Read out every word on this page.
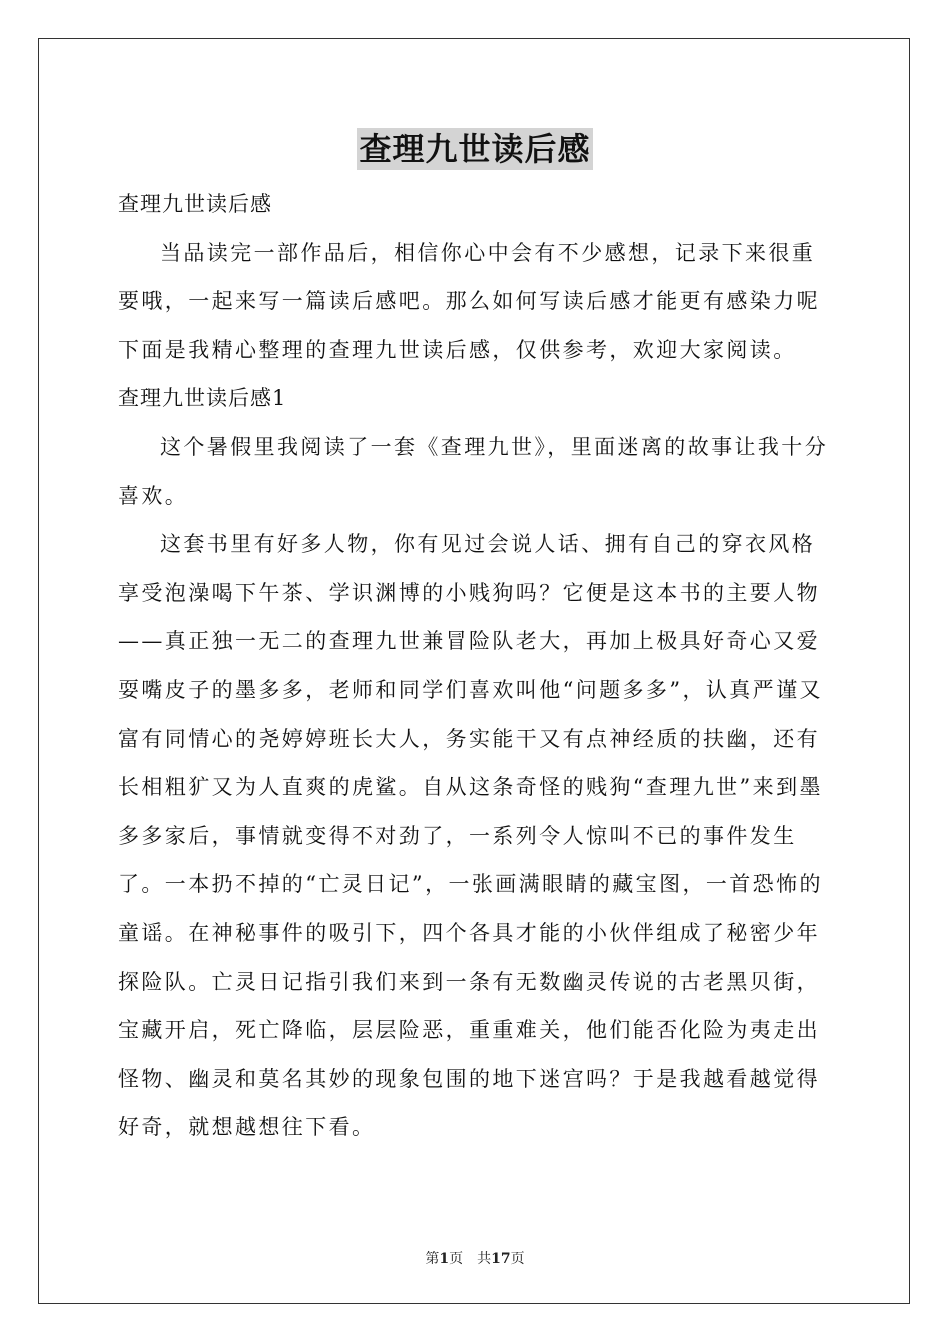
查理九世读后感

查理九世读后感

当品读完一部作品后，相信你心中会有不少感想，记录下来很重要哦，一起来写一篇读后感吧。那么如何写读后感才能更有感染力呢下面是我精心整理的查理九世读后感，仅供参考，欢迎大家阅读。

查理九世读后感1

这个暑假里我阅读了一套《查理九世》，里面迷离的故事让我十分喜欢。

这套书里有好多人物，你有见过会说人话、拥有自己的穿衣风格享受泡澡喝下午茶、学识渊博的小贱狗吗？它便是这本书的主要人物——真正独一无二的查理九世兼冒险队老大，再加上极具好奇心又爱耍嘴皮子的墨多多，老师和同学们喜欢叫他“问题多多”，认真严谨又富有同情心的尧婷婷班长大人，务实能干又有点神经质的扶幽，还有长相粗犷又为人直爽的虎鲨。自从这条奇怪的贱狗“查理九世”来到墨多多家后，事情就变得不对劲了，一系列令人惊叫不已的事件发生了。一本扔不掉的“亡灵日记”，一张画满眼睛的藏宝图，一首恐怖的童谣。在神秘事件的吸引下，四个各具才能的小伙伴组成了秘密少年探险队。亡灵日记指引我们来到一条有无数幽灵传说的古老黑贝街，宝藏开启，死亡降临，层层险恶，重重难关，他们能否化险为夷走出怪物、幽灵和莫名其妙的现象包围的地下迷宫吗？于是我越看越觉得好奇，就想越想往下看。

第1页 共17页
